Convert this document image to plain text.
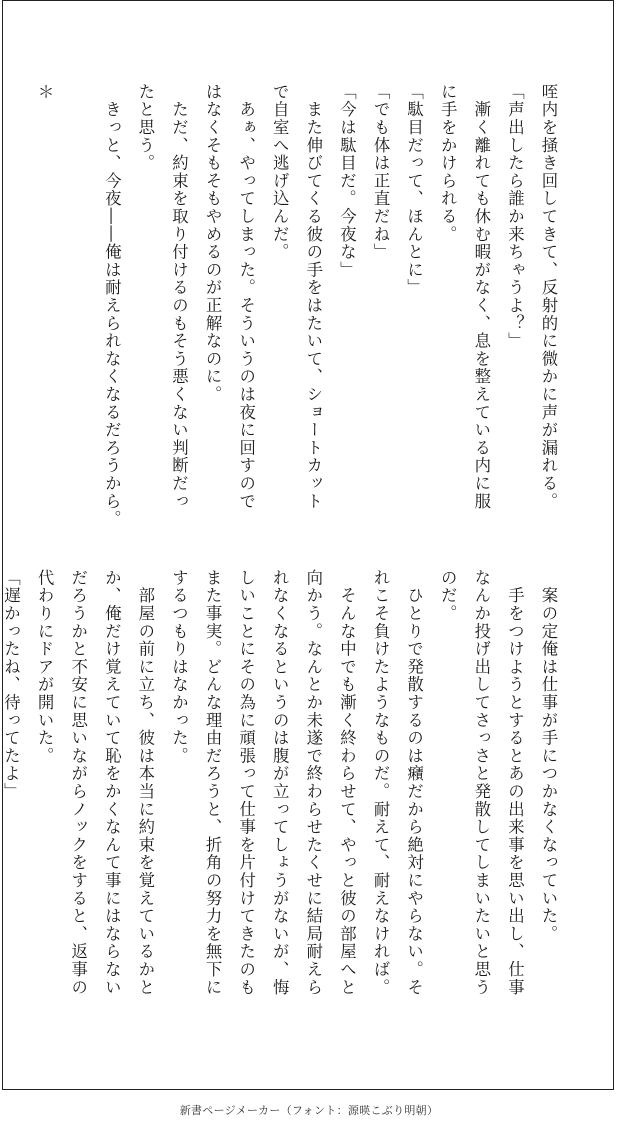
咥内を掻き回してきて、反射的に微かに声が漏れる。
「声出したら誰か来ちゃうよ？」
　漸く離れても休む暇がなく、息を整えている内に服
に手をかけられる。
「駄目だって、ほんとに」
「でも体は正直だね」
「今は駄目だ。今夜な」
　また伸びてくる彼の手をはたいて、ショートカット
で自室へ逃げ込んだ。
　あぁ、やってしまった。そういうのは夜に回すので
はなくそもそもやめるのが正解なのに。
　ただ、約束を取り付けるのもそう悪くない判断だっ
たと思う。
　きっと、今夜――俺は耐えられなくなるだろうから。

＊
　案の定俺は仕事が手につかなくなっていた。
　手をつけようとするとあの出来事を思い出し、仕事
なんか投げ出してさっさと発散してしまいたいと思う
のだ。
　ひとりで発散するのは癪だから絶対にやらない。そ
れこそ負けたようなものだ。耐えて、耐えなければ。
　そんな中でも漸く終わらせて、やっと彼の部屋へと
向かう。なんとか未遂で終わらせたくせに結局耐えら
れなくなるというのは腹が立ってしょうがないが、悔
しいことにその為に頑張って仕事を片付けてきたのも
また事実。どんな理由だろうと、折角の努力を無下に
するつもりはなかった。
　部屋の前に立ち、彼は本当に約束を覚えているかと
か、俺だけ覚えていて恥をかくなんて事にはならない
だろうかと不安に思いながらノックをすると、返事の
代わりにドアが開いた。
「遅かったね、待ってたよ」
新書ページメーカー（フォント：源暎こぶり明朝）
